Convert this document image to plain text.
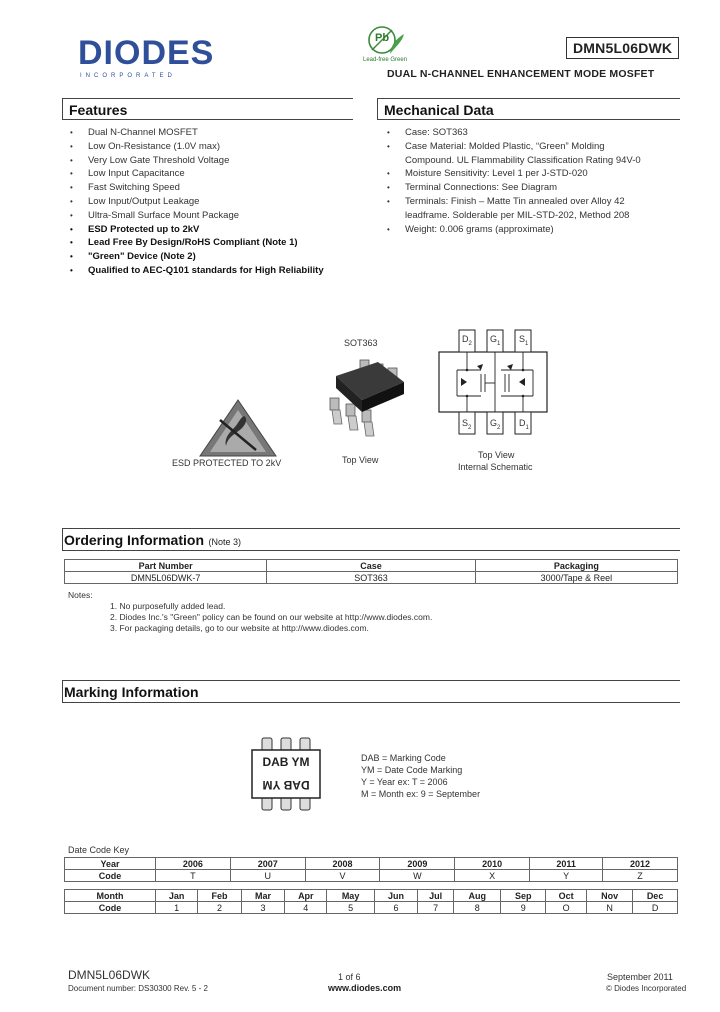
DIODES
INCORPORATED
Pb
Lead-free Green
DMN5L06DWK
DUAL N-CHANNEL ENHANCEMENT MODE MOSFET
Features
• Dual N-Channel MOSFET
• Low On-Resistance (1.0V max)
• Very Low Gate Threshold Voltage
• Low Input Capacitance
• Fast Switching Speed
• Low Input/Output Leakage
• Ultra-Small Surface Mount Package
• ESD Protected up to 2kV
• Lead Free By Design/RoHS Compliant (Note 1)
• "Green" Device (Note 2)
• Qualified to AEC-Q101 standards for High Reliability
Mechanical Data
• Case: SOT363
• Case Material: Molded Plastic, “Green” Molding Compound. UL Flammability Classification Rating 94V-0
• Moisture Sensitivity: Level 1 per J-STD-020
• Terminal Connections: See Diagram
• Terminals: Finish – Matte Tin annealed over Alloy 42 leadframe. Solderable per MIL-STD-202, Method 208
• Weight: 0.006 grams (approximate)
ESD PROTECTED TO 2kV
SOT363
Top View
$D_2$ $G_1$ $S_1$
$S_2$ $G_2$ $D_1$
Top View
Internal Schematic
Ordering Information (Note 3)
Part Number	Case	Packaging
DMN5L06DWK-7	SOT363	3000/Tape & Reel
Notes:
1. No purposefully added lead.
2. Diodes Inc.'s "Green" policy can be found on our website at http://www.diodes.com.
3. For packaging details, go to our website at http://www.diodes.com.
Marking Information
DAB YM
DAB YM
DAB = Marking Code
YM = Date Code Marking
Y = Year ex: T = 2006
M = Month ex: 9 = September
Date Code Key
Year	2006	2007	2008	2009	2010	2011	2012
Code	T	U	V	W	X	Y	Z
Month	Jan	Feb	Mar	Apr	May	Jun	Jul	Aug	Sep	Oct	Nov	Dec
Code	1	2	3	4	5	6	7	8	9	O	N	D
DMN5L06DWK
Document number: DS30300 Rev. 5 - 2
1 of 6
www.diodes.com
September 2011
© Diodes Incorporated
